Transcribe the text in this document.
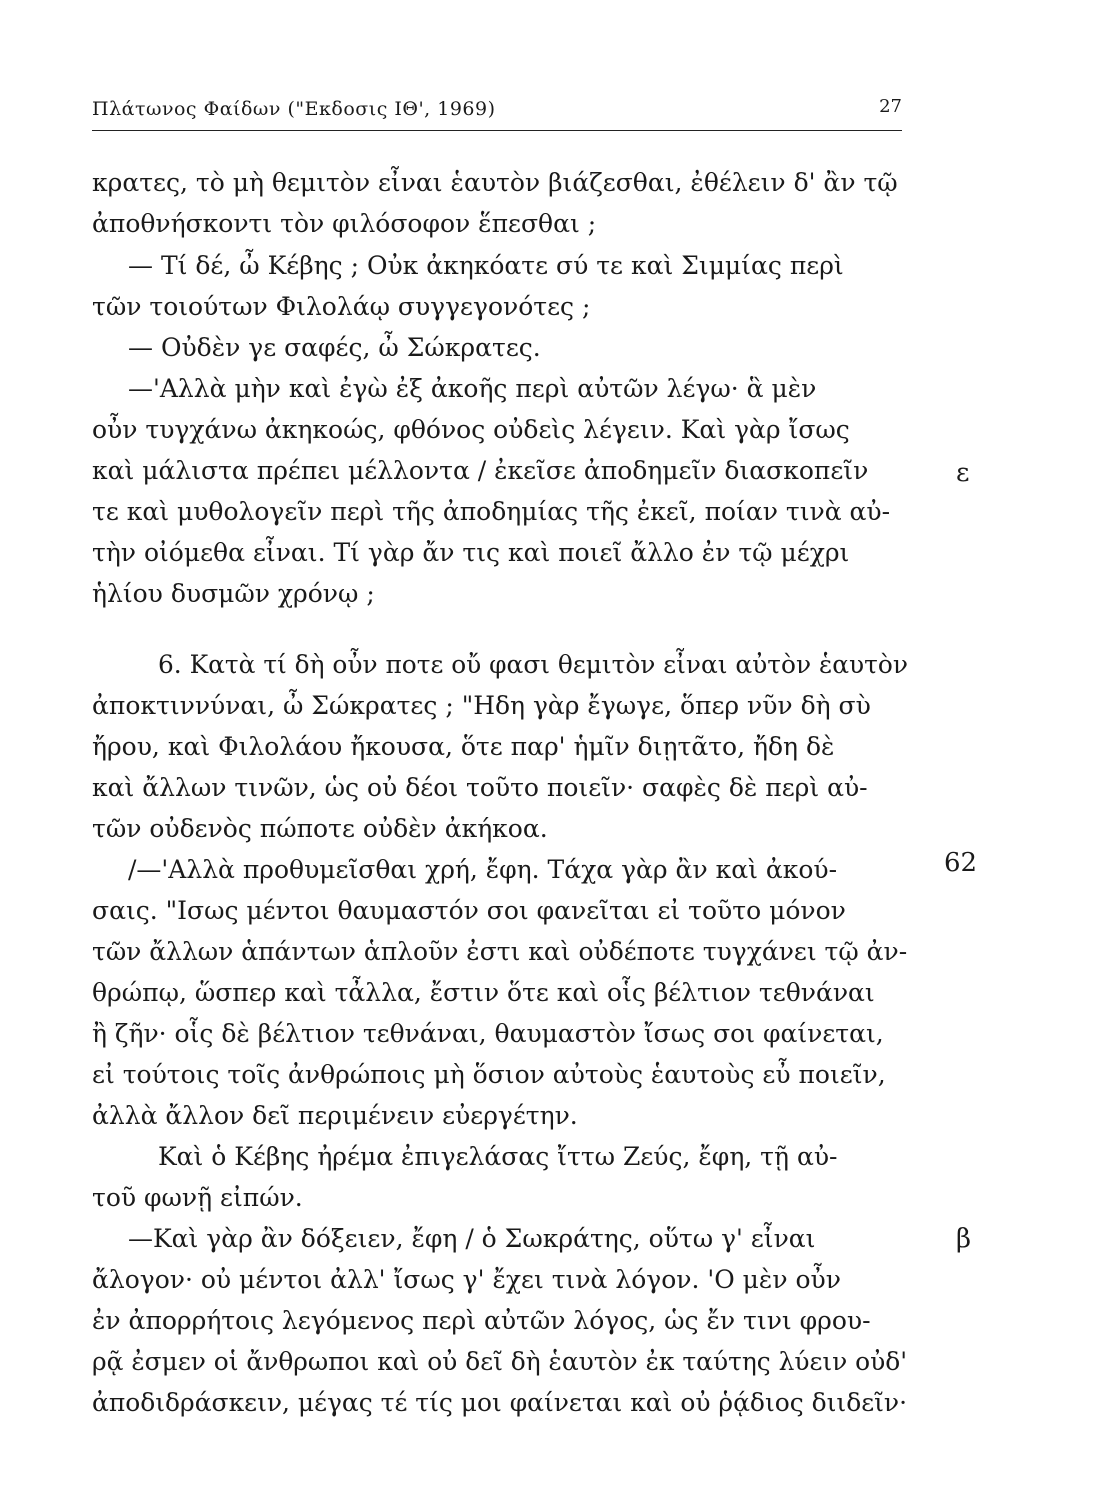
Πλάτωνος Φαίδων ("Εκδοσις ΙΘ', 1969)	27
κρατες, τὸ μὴ θεμιτὸν εἶναι ἑαυτὸν βιάζεσθαι, ἐθέλειν δ' ἂν τῷ
ἀποθνήσκοντι τὸν φιλόσοφον ἕπεσθαι ;
— Τί δέ, ὦ Κέβης ; Οὐκ ἀκηκόατε σύ τε καὶ Σιμμίας περὶ
τῶν τοιούτων Φιλολάῳ συγγεγονότες ;
— Οὐδὲν γε σαφές, ὦ Σώκρατες.
—'Αλλὰ μὴν καὶ ἐγὼ ἐξ ἀκοῆς περὶ αὐτῶν λέγω· ἃ μὲν
οὖν τυγχάνω ἀκηκοώς, φθόνος οὐδεὶς λέγειν. Καὶ γὰρ ἴσως
καὶ μάλιστα πρέπει μέλλοντα / ἐκεῖσε ἀποδημεῖν διασκοπεῖν
τε καὶ μυθολογεῖν περὶ τῆς ἀποδημίας τῆς ἐκεῖ, ποίαν τινὰ αὐ-
τὴν οἰόμεθα εἶναι. Τί γὰρ ἄν τις καὶ ποιεῖ ἄλλο ἐν τῷ μέχρι
ἡλίου δυσμῶν χρόνῳ ;
6. Κατὰ τί δὴ οὖν ποτε οὔ φασι θεμιτὸν εἶναι αὐτὸν ἑαυτὸν
ἀποκτιννύναι, ὦ Σώκρατες ; "Ηδη γὰρ ἔγωγε, ὅπερ νῦν δὴ σὺ
ἤρου, καὶ Φιλολάου ἤκουσα, ὅτε παρ' ἡμῖν διῃτᾶτο, ἤδη δὲ
καὶ ἄλλων τινῶν, ὡς οὐ δέοι τοῦτο ποιεῖν· σαφὲς δὲ περὶ αὐ-
τῶν οὐδενὸς πώποτε οὐδὲν ἀκήκοα.
/—'Αλλὰ προθυμεῖσθαι χρή, ἔφη. Τάχα γὰρ ἂν καὶ ἀκού-
σαις. "Ισως μέντοι θαυμαστόν σοι φανεῖται εἰ τοῦτο μόνον
τῶν ἄλλων ἁπάντων ἁπλοῦν ἐστι καὶ οὐδέποτε τυγχάνει τῷ ἀν-
θρώπῳ, ὥσπερ καὶ τἆλλα, ἔστιν ὅτε καὶ οἷς βέλτιον τεθνάναι
ἢ ζῆν· οἷς δὲ βέλτιον τεθνάναι, θαυμαστὸν ἴσως σοι φαίνεται,
εἰ τούτοις τοῖς ἀνθρώποις μὴ ὅσιον αὐτοὺς ἑαυτοὺς εὖ ποιεῖν,
ἀλλὰ ἄλλον δεῖ περιμένειν εὐεργέτην.
Καὶ ὁ Κέβης ἠρέμα ἐπιγελάσας ἴττω Ζεύς, ἔφη, τῇ αὐ-
τοῦ φωνῇ εἰπών.
—Καὶ γὰρ ἂν δόξειεν, ἔφη / ὁ Σωκράτης, οὕτω γ' εἶναι
ἄλογον· οὐ μέντοι ἀλλ' ἴσως γ' ἔχει τινὰ λόγον. 'Ο μὲν οὖν
ἐν ἀπορρήτοις λεγόμενος περὶ αὐτῶν λόγος, ὡς ἔν τινι φρου-
ρᾷ ἐσμεν οἱ ἄνθρωποι καὶ οὐ δεῖ δὴ ἑαυτὸν ἐκ ταύτης λύειν οὐδ'
ἀποδιδράσκειν, μέγας τέ τίς μοι φαίνεται καὶ οὐ ῥᾴδιος διιδεῖν·
ε
62
β
